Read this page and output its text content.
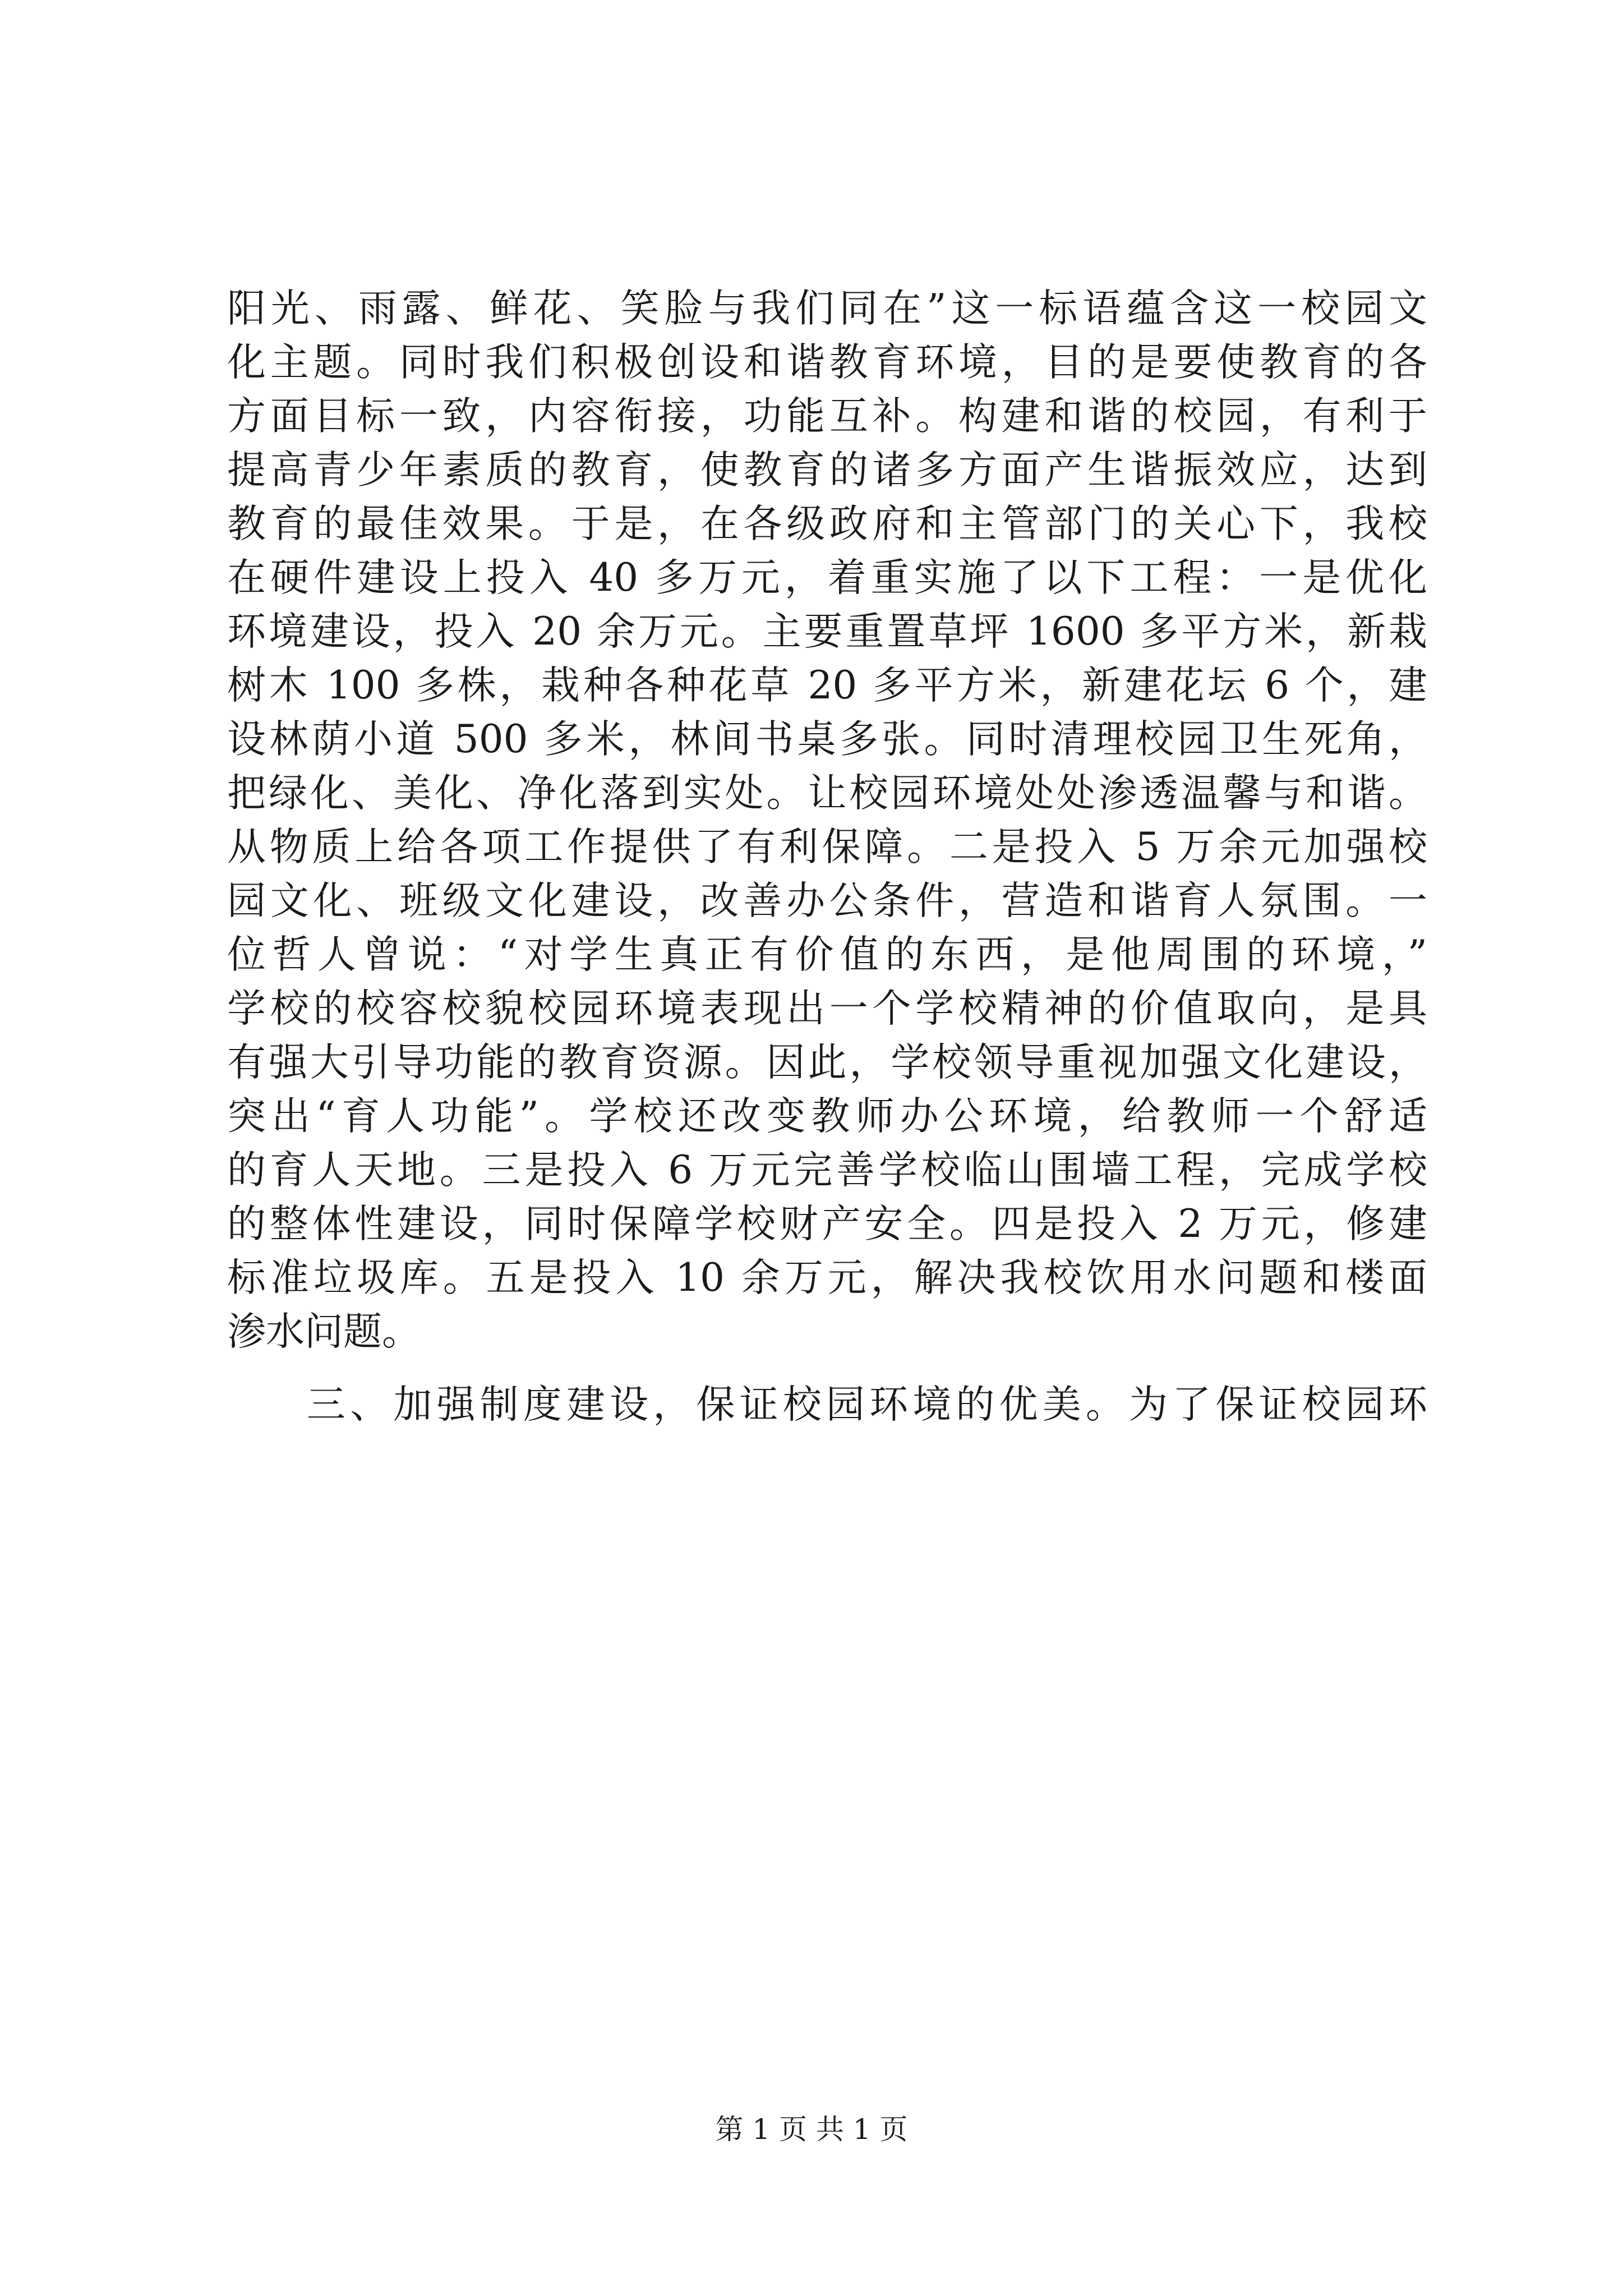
阳光、雨露、鲜花、笑脸与我们同在”这一标语蕴含这一校园文
化主题。同时我们积极创设和谐教育环境，目的是要使教育的各
方面目标一致，内容衔接，功能互补。构建和谐的校园，有利于
提高青少年素质的教育，使教育的诸多方面产生谐振效应，达到
教育的最佳效果。于是，在各级政府和主管部门的关心下，我校
在硬件建设上投入 40 多万元，着重实施了以下工程：一是优化
环境建设，投入 20 余万元。主要重置草坪 1600 多平方米，新栽
树木 100 多株，栽种各种花草 20 多平方米，新建花坛 6 个，建
设林荫小道 500 多米，林间书桌多张。同时清理校园卫生死角，
把绿化、美化、净化落到实处。让校园环境处处渗透温馨与和谐。
从物质上给各项工作提供了有利保障。二是投入 5 万余元加强校
园文化、班级文化建设，改善办公条件，营造和谐育人氛围。一
位哲人曾说：“对学生真正有价值的东西，是他周围的环境，”
学校的校容校貌校园环境表现出一个学校精神的价值取向，是具
有强大引导功能的教育资源。因此，学校领导重视加强文化建设，
突出“育人功能”。学校还改变教师办公环境，给教师一个舒适
的育人天地。三是投入 6 万元完善学校临山围墙工程，完成学校
的整体性建设，同时保障学校财产安全。四是投入 2 万元，修建
标准垃圾库。五是投入 10 余万元，解决我校饮用水问题和楼面
渗水问题。
三、加强制度建设，保证校园环境的优美。为了保证校园环
第 1 页 共 1 页
